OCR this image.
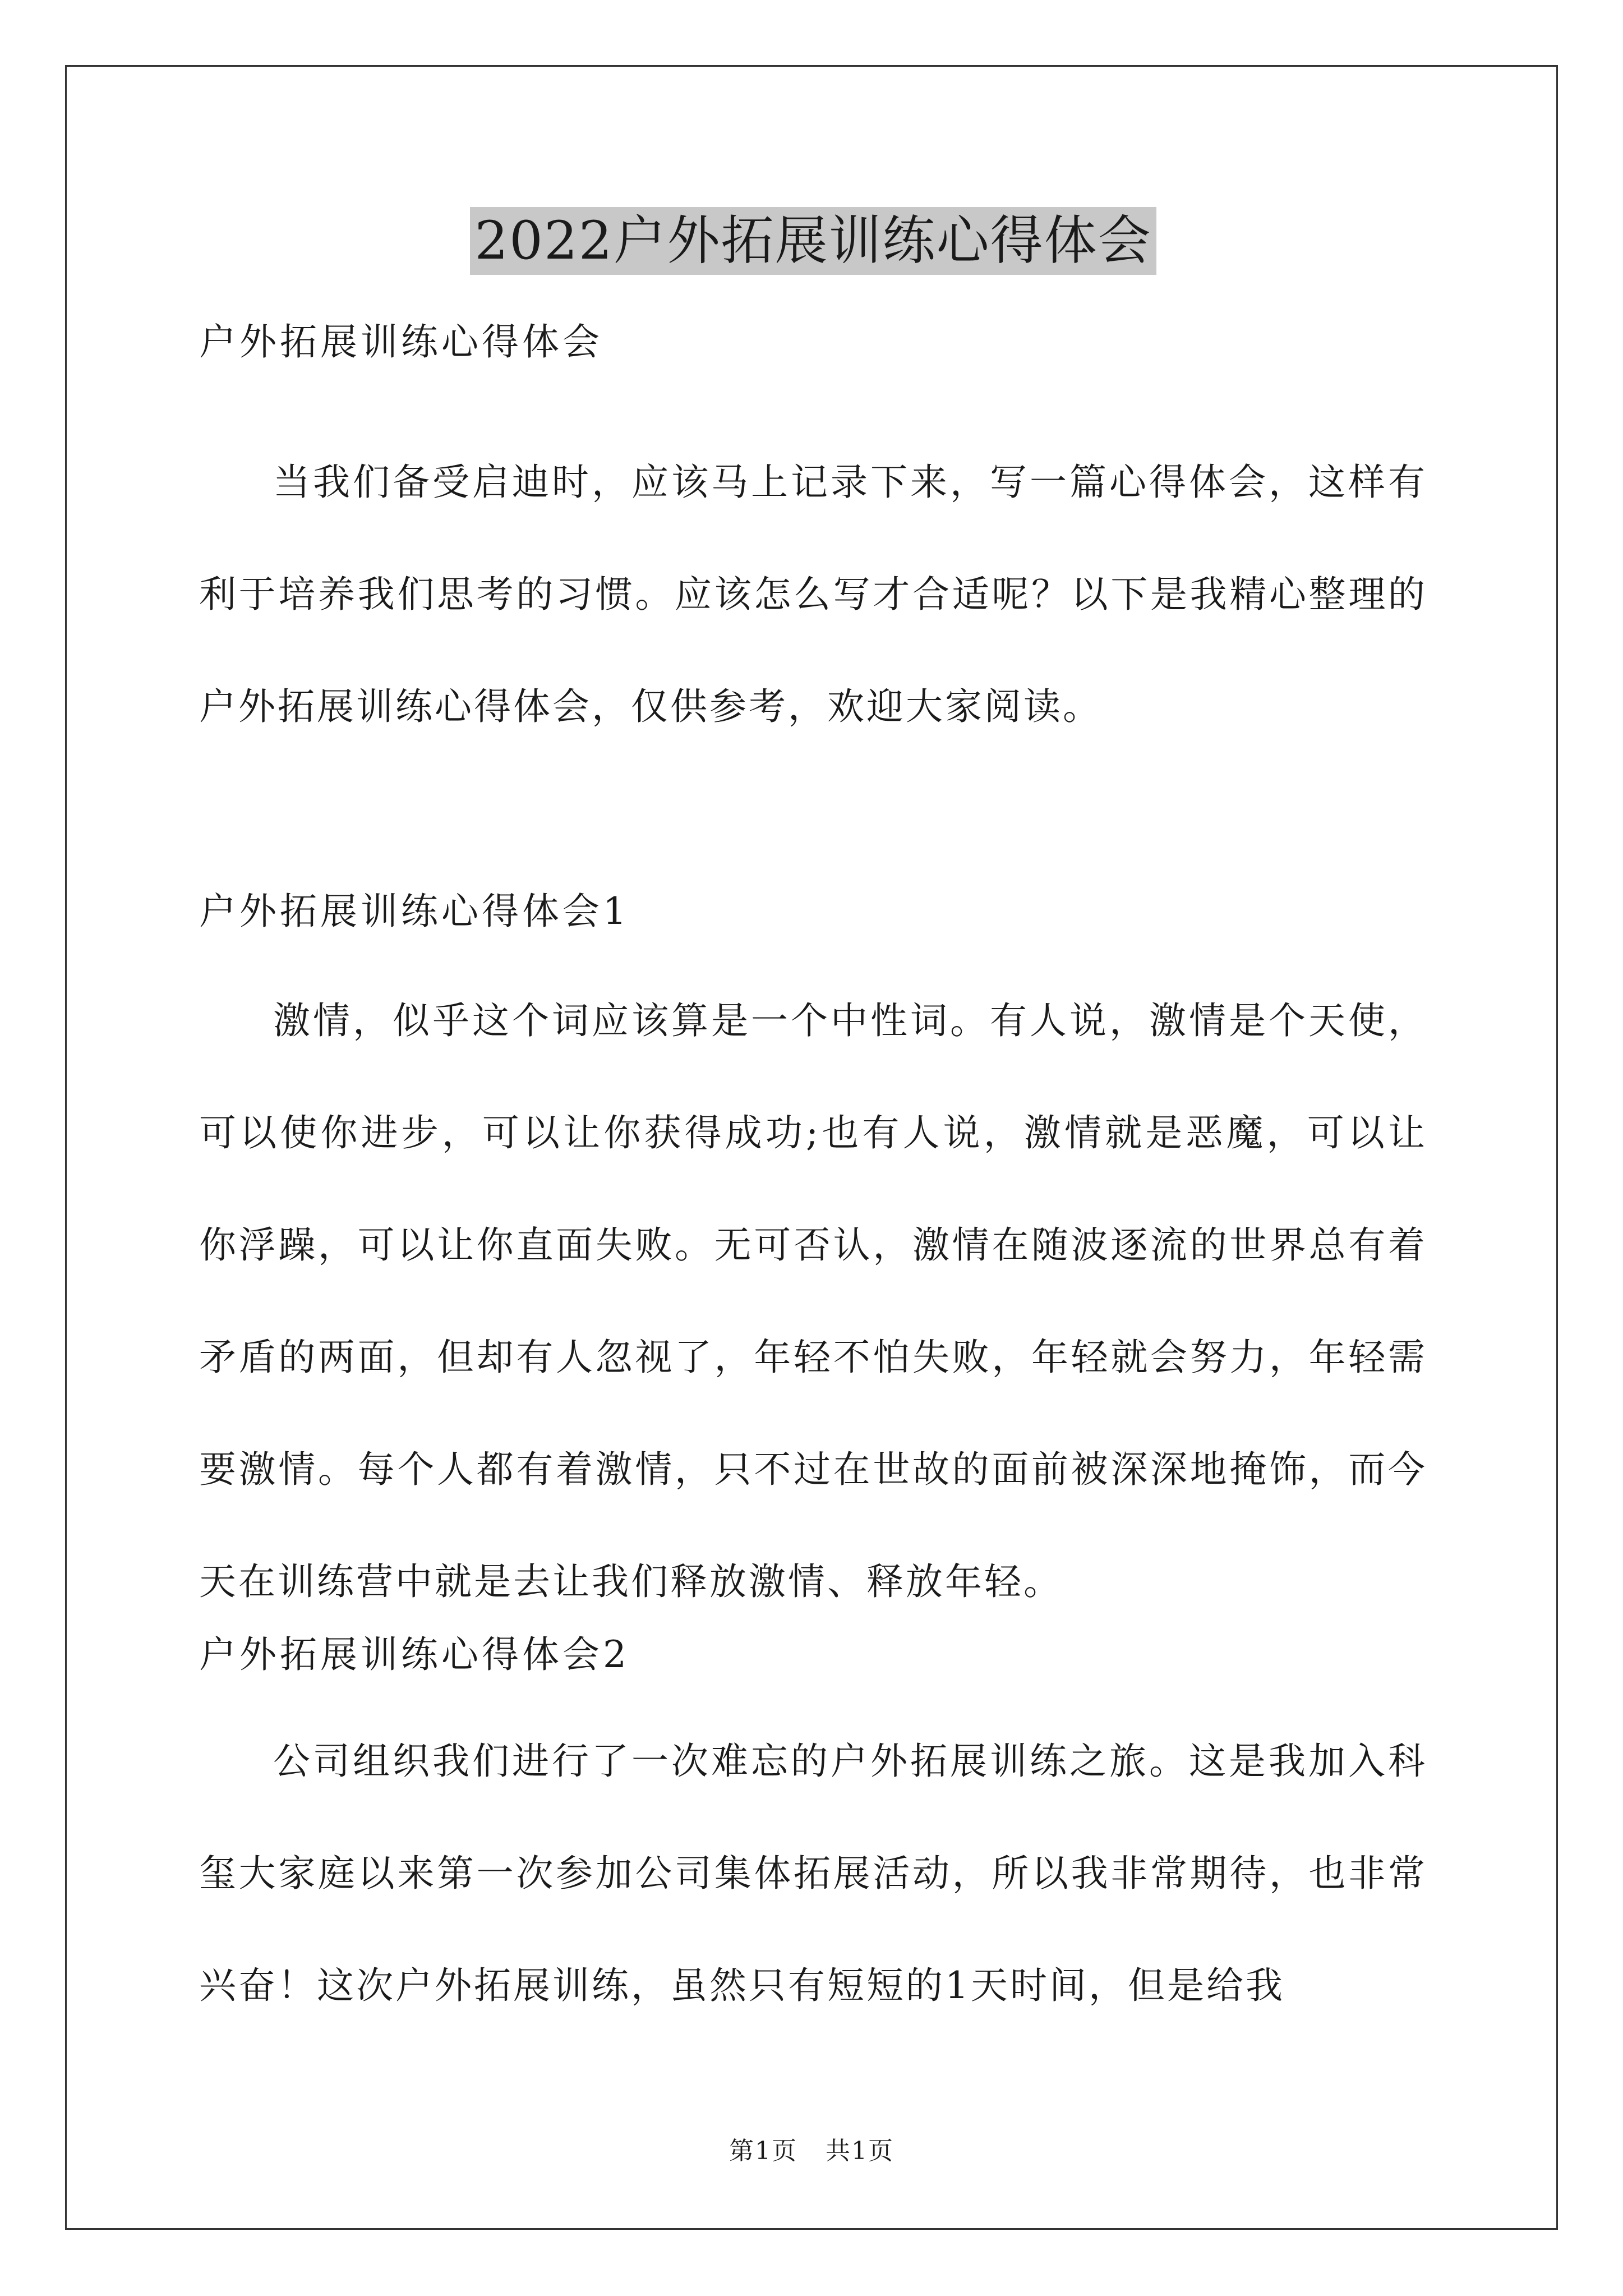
2022户外拓展训练心得体会
户外拓展训练心得体会

当我们备受启迪时，应该马上记录下来，写一篇心得体会，这样有利于培养我们思考的习惯。应该怎么写才合适呢？以下是我精心整理的户外拓展训练心得体会，仅供参考，欢迎大家阅读。

户外拓展训练心得体会1

激情，似乎这个词应该算是一个中性词。有人说，激情是个天使，可以使你进步，可以让你获得成功;也有人说，激情就是恶魔，可以让你浮躁，可以让你直面失败。无可否认，激情在随波逐流的世界总有着矛盾的两面，但却有人忽视了，年轻不怕失败，年轻就会努力，年轻需要激情。每个人都有着激情，只不过在世故的面前被深深地掩饰，而今天在训练营中就是去让我们释放激情、释放年轻。

户外拓展训练心得体会2

公司组织我们进行了一次难忘的户外拓展训练之旅。这是我加入科玺大家庭以来第一次参加公司集体拓展活动，所以我非常期待，也非常兴奋！这次户外拓展训练，虽然只有短短的1天时间，但是给我

第1页 共1页
